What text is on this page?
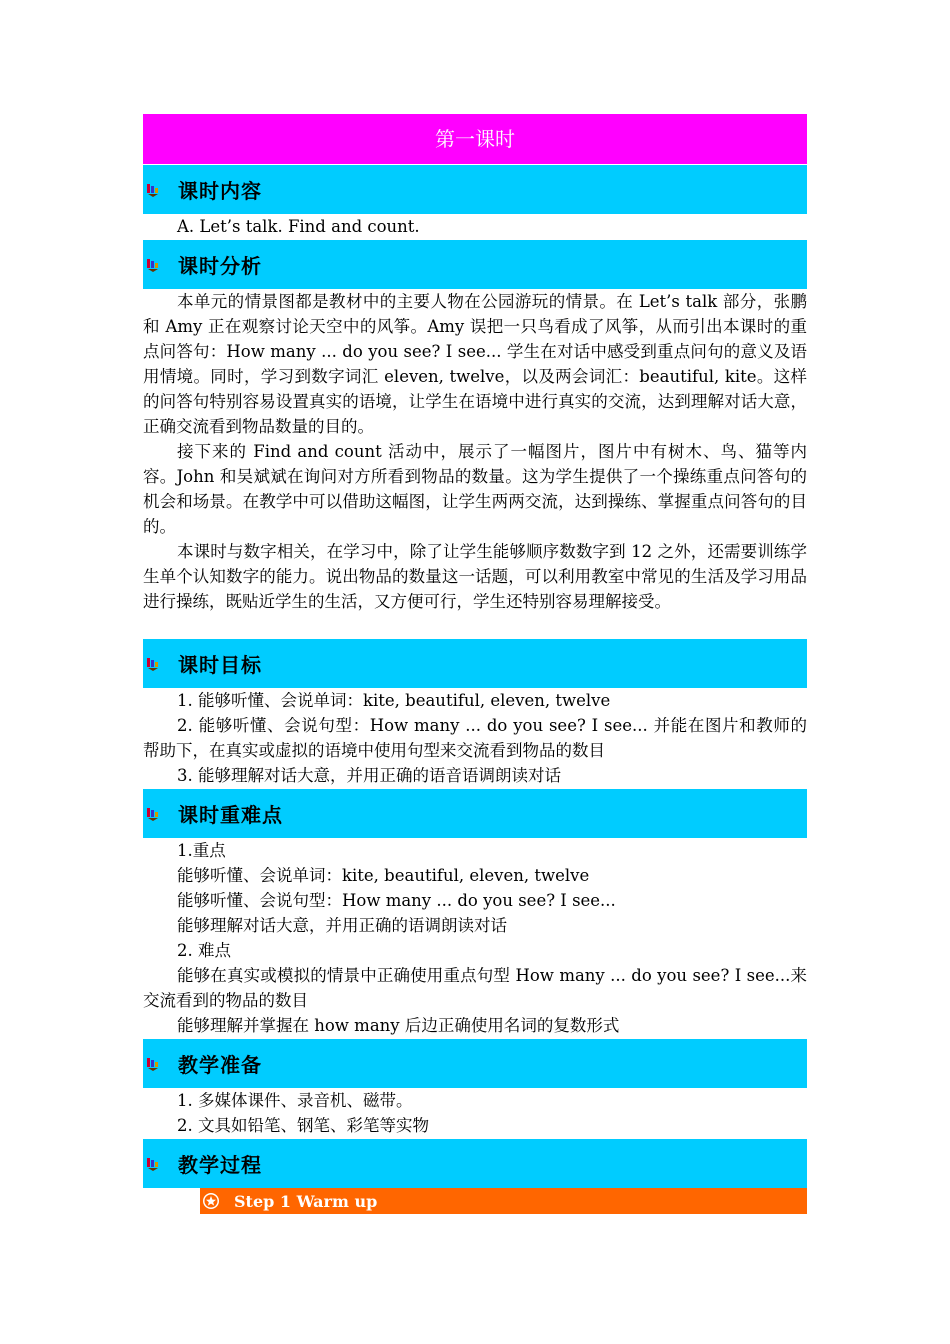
第一课时
课时内容

A. Let’s talk. Find and count.

课时分析

本单元的情景图都是教材中的主要人物在公园游玩的情景。在 Let’s talk 部分，张鹏和 Amy 正在观察讨论天空中的风筝。Amy 误把一只鸟看成了风筝，从而引出本课时的重点问答句：How many ... do you see? I see... 学生在对话中感受到重点问句的意义及语用情境。同时，学习到数字词汇 eleven, twelve，以及两会词汇：beautiful, kite。这样的问答句特别容易设置真实的语境，让学生在语境中进行真实的交流，达到理解对话大意，正确交流看到物品数量的目的。

接下来的 Find and count 活动中，展示了一幅图片，图片中有树木、鸟、猫等内容。John 和吴斌斌在询问对方所看到物品的数量。这为学生提供了一个操练重点问答句的机会和场景。在教学中可以借助这幅图，让学生两两交流，达到操练、掌握重点问答句的目的。

本课时与数字相关，在学习中，除了让学生能够顺序数数字到 12 之外，还需要训练学生单个认知数字的能力。说出物品的数量这一话题，可以利用教室中常见的生活及学习用品进行操练，既贴近学生的生活，又方便可行，学生还特别容易理解接受。

课时目标

1. 能够听懂、会说单词：kite, beautiful, eleven, twelve

2. 能够听懂、会说句型：How many ... do you see? I see... 并能在图片和教师的帮助下，在真实或虚拟的语境中使用句型来交流看到物品的数目

3. 能够理解对话大意，并用正确的语音语调朗读对话

课时重难点

1.重点

能够听懂、会说单词：kite, beautiful, eleven, twelve

能够听懂、会说句型：How many ... do you see? I see...

能够理解对话大意，并用正确的语调朗读对话

2. 难点

能够在真实或模拟的情景中正确使用重点句型 How many ... do you see? I see...来交流看到的物品的数目

能够理解并掌握在 how many 后边正确使用名词的复数形式

教学准备

1. 多媒体课件、录音机、磁带。

2. 文具如铅笔、钢笔、彩笔等实物

教学过程
Step 1 Warm up
